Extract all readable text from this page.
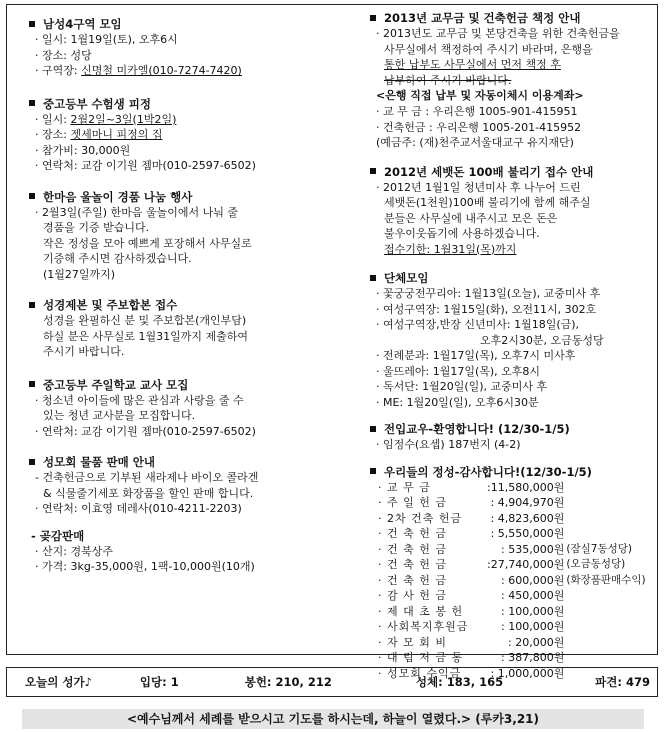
남성4구역 모임
· 일시: 1월19일(토), 오후6시
· 장소: 성당
· 구역장: 신명철 미카엘(010-7274-7420)
중고등부 수험생 피정
· 일시: 2월2일~3일(1박2일)
· 장소: 젯세마니 피정의 집
· 참가비: 30,000원
· 연락처: 교감 이기원 젬마(010-2597-6502)
한마음 울놀이 경품 나눔 행사
· 2월3일(주일) 한마음 울놀이에서 나눠 줄
경품을 기증 받습니다.
작은 정성을 모아 예쁘게 포장해서 사무실로
기증해 주시면 감사하겠습니다.
(1월27일까지)
성경제본 및 주보합본 접수
성경을 완필하신 분 및 주보합본(개인부담)
하실 분은 사무실로 1월31일까지 제출하여
주시기 바랍니다.
중고등부 주일학교 교사 모집
· 청소년 아이들에 많은 관심과 사랑을 줄 수
있는 청년 교사분을 모집합니다.
· 연락처: 교감 이기원 젬마(010-2597-6502)
성모회 물품 판매 안내
- 건축헌금으로 기부된 새라제나 바이오 콜라겐
& 식물줄기세포 화장품을 할인 판매 합니다.
· 연락처: 이효영 데레사(010-4211-2203)
- 곶감판매
· 산지: 경북상주
· 가격: 3kg-35,000원, 1팩-10,000원(10개)
2013년 교무금 및 건축헌금 책정 안내
· 2013년도 교무금 및 본당건축을 위한 건축헌금을
사무실에서 책정하여 주시기 바라며, 은행을
통한 납부도 사무실에서 먼저 책정 후
납부하여 주시기 바랍니다.
<은행 직접 납부 및 자동이체시 이용계좌>
· 교 무 금 : 우리은행 1005-901-415951
· 건축헌금 : 우리은행 1005-201-415952
(예금주: (재)천주교서울대교구 유지재단)
2012년 세뱃돈 100배 불리기 접수 안내
· 2012년 1월1일 청년미사 후 나누어 드린
세뱃돈(1천원)100배 불리기에 함께 해주실
분들은 사무실에 내주시고 모은 돈은
불우이웃돕기에 사용하겠습니다.
접수기한: 1월31일(목)까지
단체모임
· 꽃궁궁전꾸리아: 1월13일(오늘), 교중미사 후
· 여성구역장: 1월15일(화), 오전11시, 302호
· 여성구역장,반장 신년미사: 1월18일(금),
오후2시30분, 오금동성당
· 전례분과: 1월17일(목), 오후7시 미사후
· 울뜨레아: 1월17일(목), 오후8시
· 독서단: 1월20일(일), 교중미사 후
· ME: 1월20일(일), 오후6시30분
전입교우-환영합니다! (12/30-1/5)
· 임정수(요셉) 187번지 (4-2)
우리들의 정성-감사합니다!(12/30-1/5)
· 교 무 금	:11,580,000원	
· 주 일 헌 금	: 4,904,970원	
· 2차 건축 헌금	: 4,823,600원	
· 건 축 헌 금	: 5,550,000원	
· 건 축 헌 금	: 535,000원	(잠실7동성당)
· 건 축 헌 금	:27,740,000원	(오금동성당)
· 건 축 헌 금	: 600,000원	(화장품판매수익)
· 감 사 헌 금	: 450,000원	
· 제 대 초 봉 헌	: 100,000원	
· 사회복지후원금	: 100,000원	
· 자 모 회 비	: 20,000원	
· 대 림 저 금 통	: 387,800원	
· 성모회 수익금	: 1,000,000원	
오늘의 성가♪	입당: 1	봉헌: 210, 212	성체: 183, 165	파견: 479
<예수님께서 세례를 받으시고 기도를 하시는데, 하늘이 열렸다.> (루카3,21)
